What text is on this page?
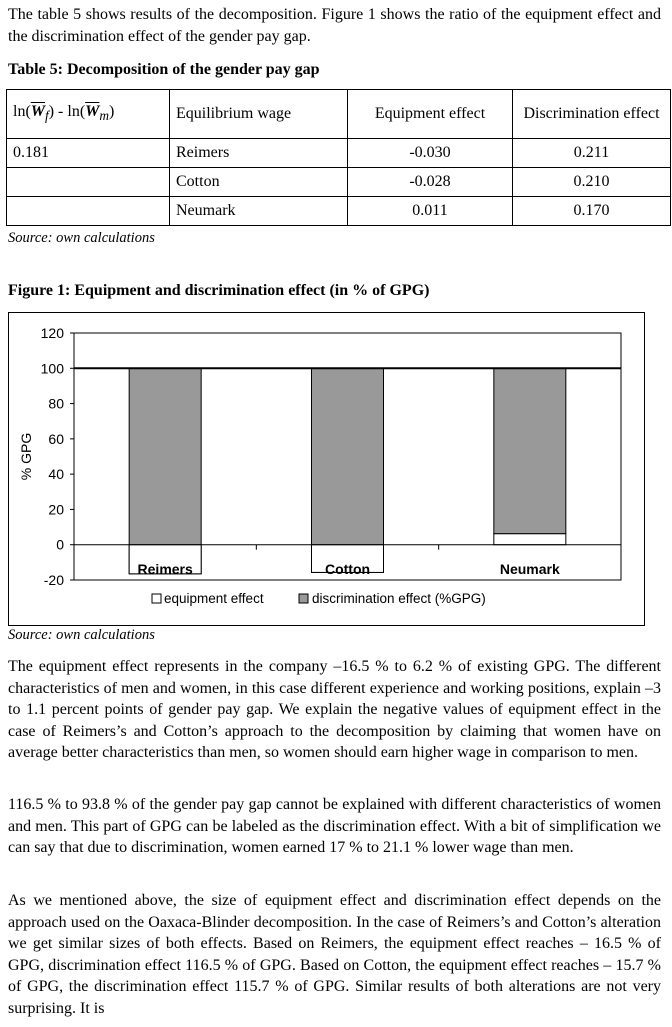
The table 5 shows results of the decomposition. Figure 1 shows the ratio of the equipment effect and the discrimination effect of the gender pay gap.

Table 5: Decomposition of the gender pay gap

$\ln(\overline{W}_f) - \ln(\overline{W}_m)$	Equilibrium wage	Equipment effect	Discrimination effect
0.181	Reimers	-0.030	0.211
	Cotton	-0.028	0.210
	Neumark	0.011	0.170
Source: own calculations

Figure 1: Equipment and discrimination effect (in % of GPG)

120
100
80
60
40
20
0
-20
% GPG
Reimers	Cotton	Neumark
equipment effect	discrimination effect (%GPG)
Source: own calculations

The equipment effect represents in the company –16.5 % to 6.2 % of existing GPG. The different characteristics of men and women, in this case different experience and working positions, explain –3 to 1.1 percent points of gender pay gap. We explain the negative values of equipment effect in the case of Reimers’s and Cotton’s approach to the decomposition by claiming that women have on average better characteristics than men, so women should earn higher wage in comparison to men.

116.5 % to 93.8 % of the gender pay gap cannot be explained with different characteristics of women and men. This part of GPG can be labeled as the discrimination effect. With a bit of simplification we can say that due to discrimination, women earned 17 % to 21.1 % lower wage than men.

As we mentioned above, the size of equipment effect and discrimination effect depends on the approach used on the Oaxaca-Blinder decomposition. In the case of Reimers’s and Cotton’s alteration we get similar sizes of both effects. Based on Reimers, the equipment effect reaches – 16.5 % of GPG, discrimination effect 116.5 % of GPG. Based on Cotton, the equipment effect reaches – 15.7 % of GPG, the discrimination effect 115.7 % of GPG. Similar results of both alterations are not very surprising. It is
